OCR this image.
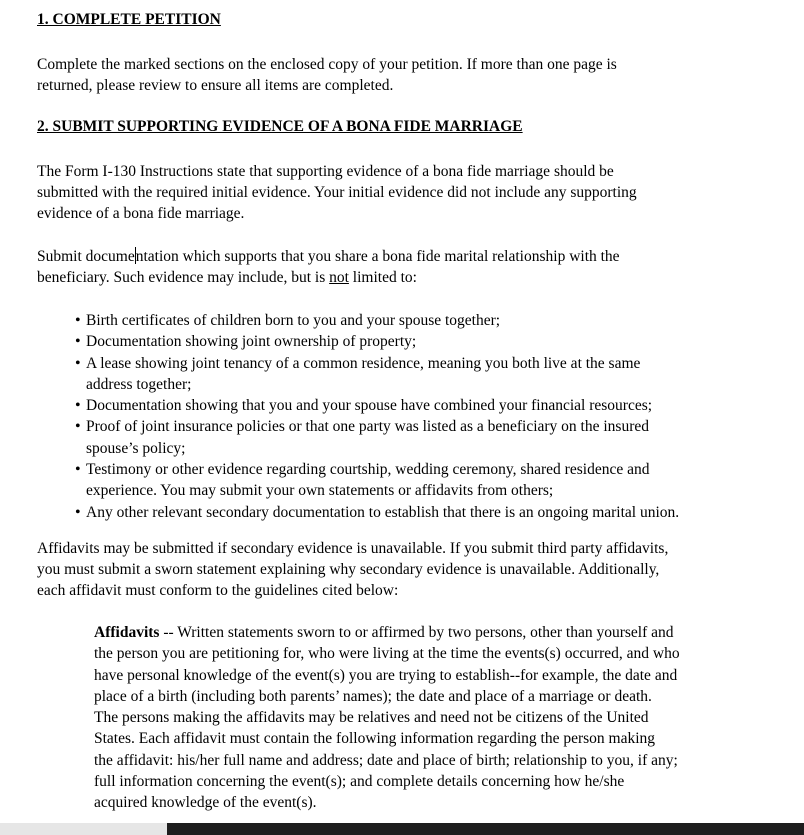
1. COMPLETE PETITION
Complete the marked sections on the enclosed copy of your petition. If more than one page is
returned, please review to ensure all items are completed.
2. SUBMIT SUPPORTING EVIDENCE OF A BONA FIDE MARRIAGE
The Form I-130 Instructions state that supporting evidence of a bona fide marriage should be
submitted with the required initial evidence. Your initial evidence did not include any supporting
evidence of a bona fide marriage.
Submit documentation which supports that you share a bona fide marital relationship with the
beneficiary. Such evidence may include, but is not limited to:
• Birth certificates of children born to you and your spouse together;
• Documentation showing joint ownership of property;
• A lease showing joint tenancy of a common residence, meaning you both live at the same
address together;
• Documentation showing that you and your spouse have combined your financial resources;
• Proof of joint insurance policies or that one party was listed as a beneficiary on the insured
spouse’s policy;
• Testimony or other evidence regarding courtship, wedding ceremony, shared residence and
experience. You may submit your own statements or affidavits from others;
• Any other relevant secondary documentation to establish that there is an ongoing marital union.
Affidavits may be submitted if secondary evidence is unavailable. If you submit third party affidavits,
you must submit a sworn statement explaining why secondary evidence is unavailable. Additionally,
each affidavit must conform to the guidelines cited below:
Affidavits -- Written statements sworn to or affirmed by two persons, other than yourself and
the person you are petitioning for, who were living at the time the events(s) occurred, and who
have personal knowledge of the event(s) you are trying to establish--for example, the date and
place of a birth (including both parents’ names); the date and place of a marriage or death.
The persons making the affidavits may be relatives and need not be citizens of the United
States. Each affidavit must contain the following information regarding the person making
the affidavit: his/her full name and address; date and place of birth; relationship to you, if any;
full information concerning the event(s); and complete details concerning how he/she
acquired knowledge of the event(s).
